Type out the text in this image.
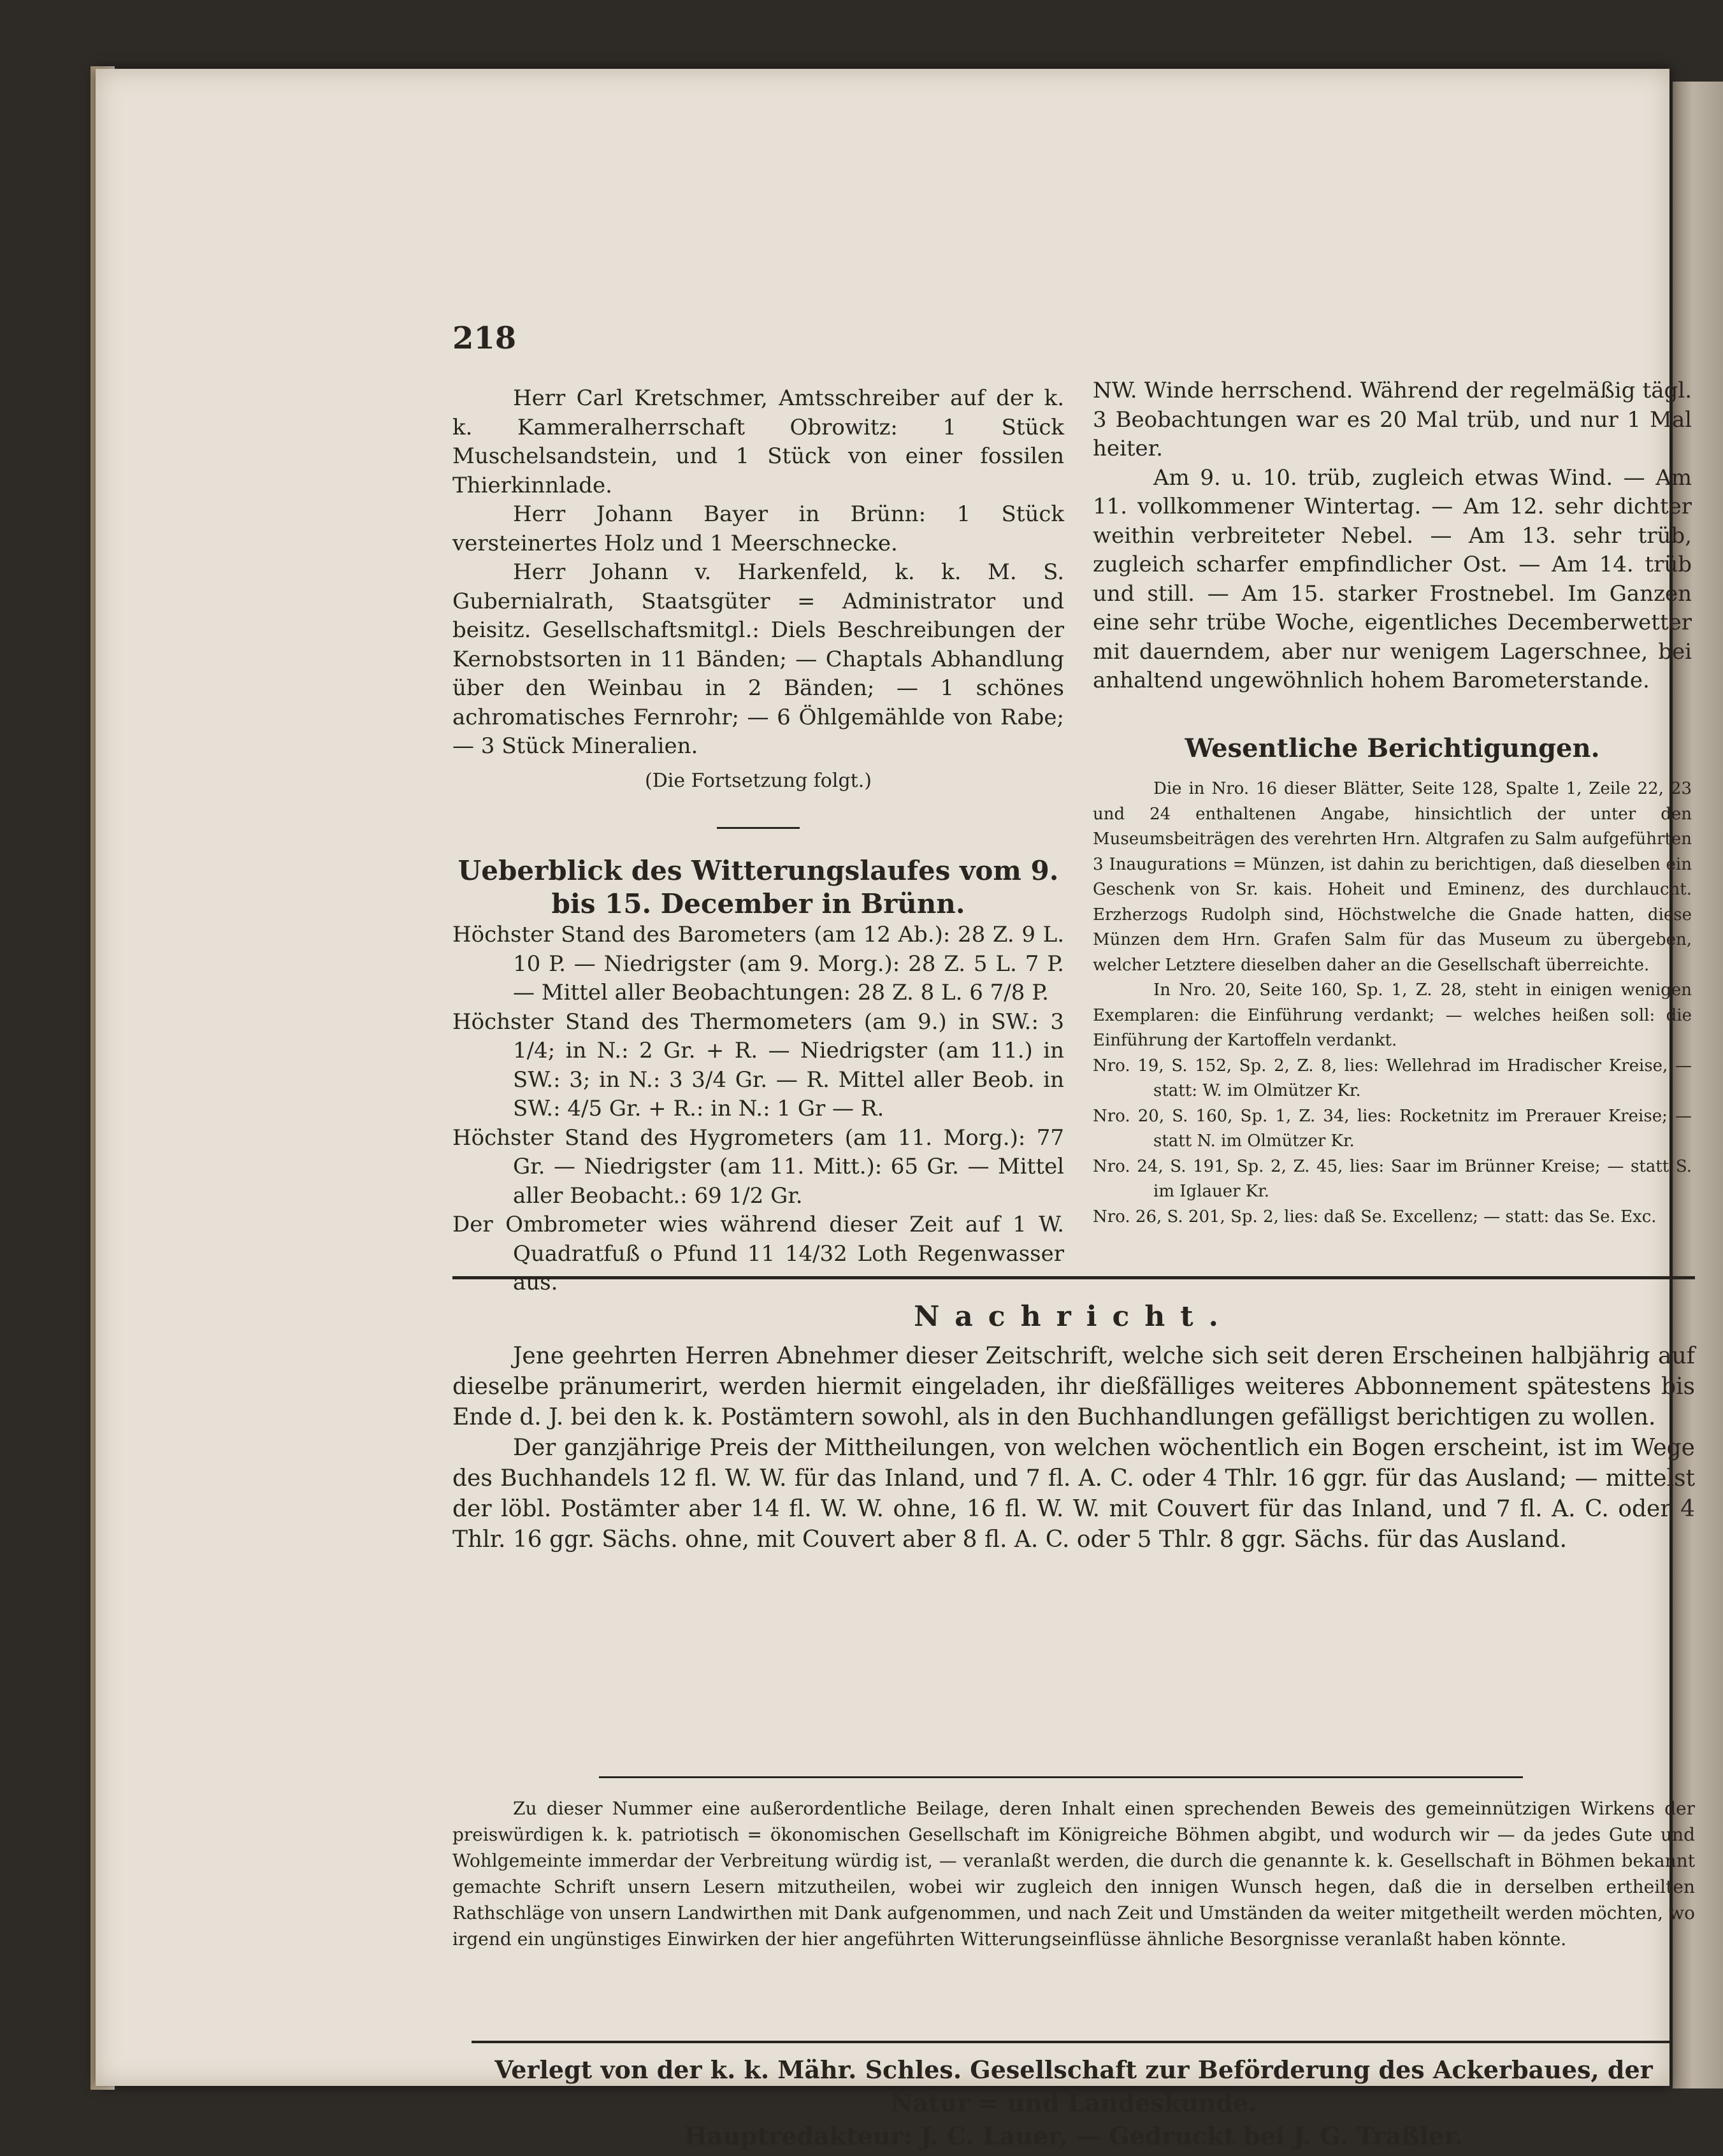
218

Herr Carl Kretschmer, Amtsschreiber auf der k. k. Kammeralherrschaft Obrowitz: 1 Stück Muschelsandstein, und 1 Stück von einer fossilen Thierkinnlade.

Herr Johann Bayer in Brünn: 1 Stück versteinertes Holz und 1 Meerschnecke.

Herr Johann v. Harkenfeld, k. k. M. S. Gubernialrath, Staatsgüter = Administrator und beisitz. Gesellschaftsmitgl.: Diels Beschreibungen der Kernobstsorten in 11 Bänden; — Chaptals Abhandlung über den Weinbau in 2 Bänden; — 1 schönes achromatisches Fernrohr; — 6 Öhlgemählde von Rabe; — 3 Stück Mineralien.

(Die Fortsetzung folgt.)

Ueberblick des Witterungslaufes vom 9. bis 15. December in Brünn.

Höchster Stand des Barometers (am 12 Ab.): 28 Z. 9 L. 10 P. — Niedrigster (am 9. Morg.): 28 Z. 5 L. 7 P. — Mittel aller Beobachtungen: 28 Z. 8 L. 6 7/8 P.

Höchster Stand des Thermometers (am 9.) in SW.: 3 1/4; in N.: 2 Gr. + R. — Niedrigster (am 11.) in SW.: 3; in N.: 3 3/4 Gr. — R. Mittel aller Beob. in SW.: 4/5 Gr. + R.: in N.: 1 Gr — R.

Höchster Stand des Hygrometers (am 11. Morg.): 77 Gr. — Niedrigster (am 11. Mitt.): 65 Gr. — Mittel aller Beobacht.: 69 1/2 Gr.

Der Ombrometer wies während dieser Zeit auf 1 W. Quadratfuß o Pfund 11 14/32 Loth Regenwasser aus.

NW. Winde herrschend. Während der regelmäßig tägl. 3 Beobachtungen war es 20 Mal trüb, und nur 1 Mal heiter.

Am 9. u. 10. trüb, zugleich etwas Wind. — Am 11. vollkommener Wintertag. — Am 12. sehr dichter weithin verbreiteter Nebel. — Am 13. sehr trüb, zugleich scharfer empfindlicher Ost. — Am 14. trüb und still. — Am 15. starker Frostnebel. Im Ganzen eine sehr trübe Woche, eigentliches Decemberwetter mit dauerndem, aber nur wenigem Lagerschnee, bei anhaltend ungewöhnlich hohem Barometerstande.

Wesentliche Berichtigungen.

Die in Nro. 16 dieser Blätter, Seite 128, Spalte 1, Zeile 22, 23 und 24 enthaltenen Angabe, hinsichtlich der unter den Museumsbeiträgen des verehrten Hrn. Altgrafen zu Salm aufgeführten 3 Inaugurations = Münzen, ist dahin zu berichtigen, daß dieselben ein Geschenk von Sr. kais. Hoheit und Eminenz, des durchlaucht. Erzherzogs Rudolph sind, Höchstwelche die Gnade hatten, diese Münzen dem Hrn. Grafen Salm für das Museum zu übergeben, welcher Letztere dieselben daher an die Gesellschaft überreichte.

In Nro. 20, Seite 160, Sp. 1, Z. 28, steht in einigen wenigen Exemplaren: die Einführung verdankt; — welches heißen soll: die Einführung der Kartoffeln verdankt.

Nro. 19, S. 152, Sp. 2, Z. 8, lies: Wellehrad im Hradischer Kreise, — statt: W. im Olmützer Kr.

Nro. 20, S. 160, Sp. 1, Z. 34, lies: Rocketnitz im Prerauer Kreise; — statt N. im Olmützer Kr.

Nro. 24, S. 191, Sp. 2, Z. 45, lies: Saar im Brünner Kreise; — statt S. im Iglauer Kr.

Nro. 26, S. 201, Sp. 2, lies: daß Se. Excellenz; — statt: das Se. Exc.

Nachricht.

Jene geehrten Herren Abnehmer dieser Zeitschrift, welche sich seit deren Erscheinen halbjährig auf dieselbe pränumerirt, werden hiermit eingeladen, ihr dießfälliges weiteres Abbonnement spätestens bis Ende d. J. bei den k. k. Postämtern sowohl, als in den Buchhandlungen gefälligst berichtigen zu wollen.

Der ganzjährige Preis der Mittheilungen, von welchen wöchentlich ein Bogen erscheint, ist im Wege des Buchhandels 12 fl. W. W. für das Inland, und 7 fl. A. C. oder 4 Thlr. 16 ggr. für das Ausland; — mittelst der löbl. Postämter aber 14 fl. W. W. ohne, 16 fl. W. W. mit Couvert für das Inland, und 7 fl. A. C. oder 4 Thlr. 16 ggr. Sächs. ohne, mit Couvert aber 8 fl. A. C. oder 5 Thlr. 8 ggr. Sächs. für das Ausland.

Zu dieser Nummer eine außerordentliche Beilage, deren Inhalt einen sprechenden Beweis des gemeinnützigen Wirkens der preiswürdigen k. k. patriotisch = ökonomischen Gesellschaft im Königreiche Böhmen abgibt, und wodurch wir — da jedes Gute und Wohlgemeinte immerdar der Verbreitung würdig ist, — veranlaßt werden, die durch die genannte k. k. Gesellschaft in Böhmen bekannt gemachte Schrift unsern Lesern mitzutheilen, wobei wir zugleich den innigen Wunsch hegen, daß die in derselben ertheilten Rathschläge von unsern Landwirthen mit Dank aufgenommen, und nach Zeit und Umständen da weiter mitgetheilt werden möchten, wo irgend ein ungünstiges Einwirken der hier angeführten Witterungseinflüsse ähnliche Besorgnisse veranlaßt haben könnte.

Verlegt von der k. k. Mähr. Schles. Gesellschaft zur Beförderung des Ackerbaues, der Natur = und Landeskunde.
Hauptredakteur: J. C. Lauer, — Gedruckt bei J. G. Traßler.
